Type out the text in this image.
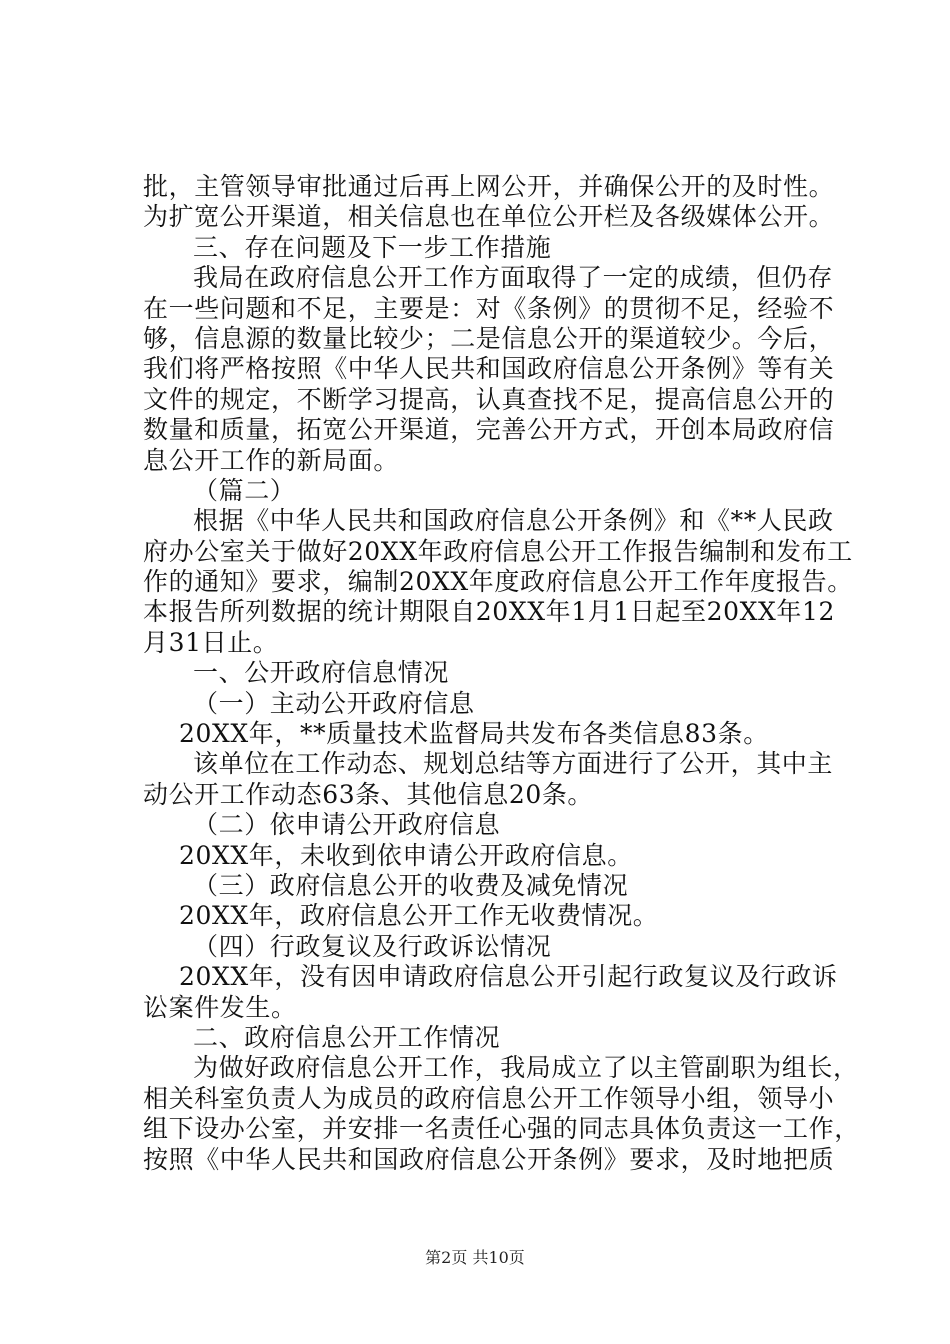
批，主管领导审批通过后再上网公开，并确保公开的及时性。
为扩宽公开渠道，相关信息也在单位公开栏及各级媒体公开。
三、存在问题及下一步工作措施
我局在政府信息公开工作方面取得了一定的成绩，但仍存
在一些问题和不足，主要是：对《条例》的贯彻不足，经验不
够，信息源的数量比较少；二是信息公开的渠道较少。今后，
我们将严格按照《中华人民共和国政府信息公开条例》等有关
文件的规定，不断学习提高，认真查找不足，提高信息公开的
数量和质量，拓宽公开渠道，完善公开方式，开创本局政府信
息公开工作的新局面。
（篇二）
根据《中华人民共和国政府信息公开条例》和《**人民政
府办公室关于做好20XX年政府信息公开工作报告编制和发布工
作的通知》要求，编制20XX年度政府信息公开工作年度报告。
本报告所列数据的统计期限自20XX年1月1日起至20XX年12
月31日止。
一、公开政府信息情况
（一）主动公开政府信息
20XX年，**质量技术监督局共发布各类信息83条。
该单位在工作动态、规划总结等方面进行了公开，其中主
动公开工作动态63条、其他信息20条。
（二）依申请公开政府信息
20XX年，未收到依申请公开政府信息。
（三）政府信息公开的收费及减免情况
20XX年，政府信息公开工作无收费情况。
（四）行政复议及行政诉讼情况
20XX年，没有因申请政府信息公开引起行政复议及行政诉
讼案件发生。
二、政府信息公开工作情况
为做好政府信息公开工作，我局成立了以主管副职为组长，
相关科室负责人为成员的政府信息公开工作领导小组，领导小
组下设办公室，并安排一名责任心强的同志具体负责这一工作，
按照《中华人民共和国政府信息公开条例》要求，及时地把质
第2页 共10页
